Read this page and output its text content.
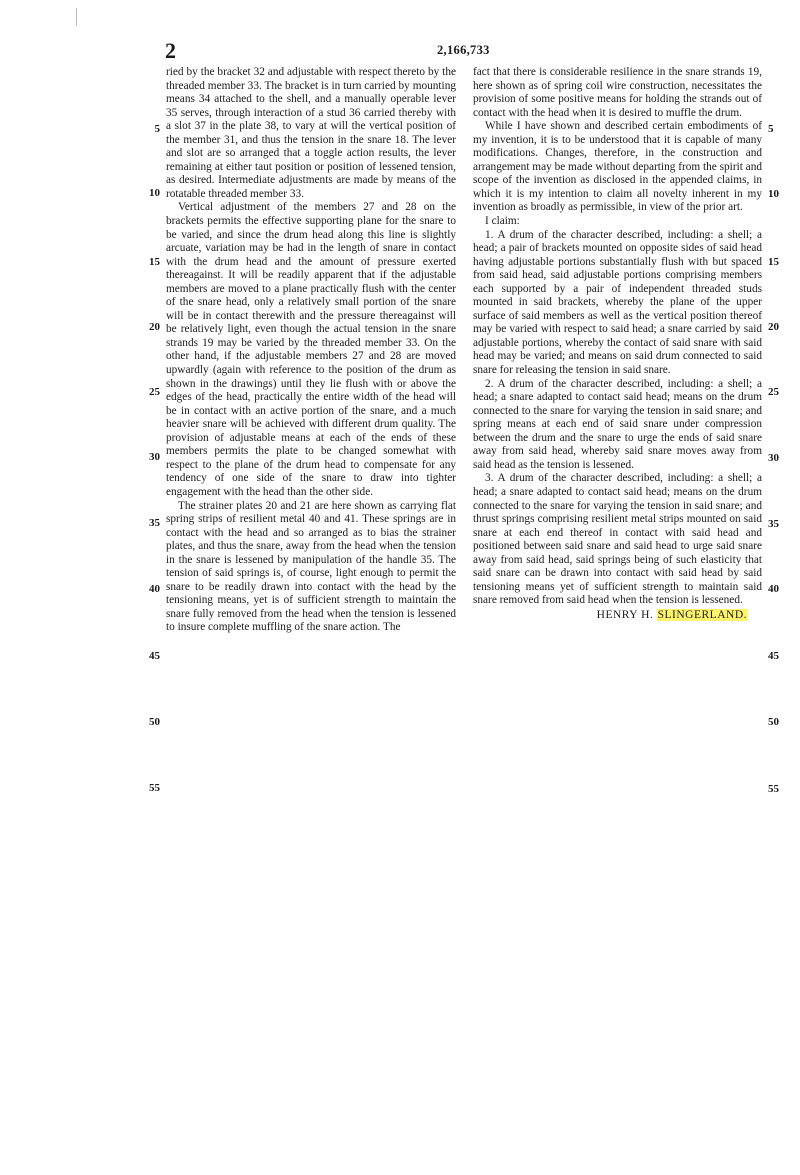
2	2,166,733

ried by the bracket 32 and adjustable with respect thereto by the threaded member 33. The bracket is in turn carried by mounting means 34 attached to the shell, and a manually operable lever 35 serves, through interaction of a stud 36 carried thereby with a slot 37 in the plate 38, to vary at will the vertical position of the member 31, and thus the tension in the snare 18. The lever and slot are so arranged that a toggle action results, the lever remaining at either taut position or position of lessened tension, as desired. Intermediate adjustments are made by means of the rotatable threaded member 33.

Vertical adjustment of the members 27 and 28 on the brackets permits the effective supporting plane for the snare to be varied, and since the drum head along this line is slightly arcuate, variation may be had in the length of snare in contact with the drum head and the amount of pressure exerted thereagainst. It will be readily apparent that if the adjustable members are moved to a plane practically flush with the center of the snare head, only a relatively small portion of the snare will be in contact therewith and the pressure thereagainst will be relatively light, even though the actual tension in the snare strands 19 may be varied by the threaded member 33. On the other hand, if the adjustable members 27 and 28 are moved upwardly (again with reference to the position of the drum as shown in the drawings) until they lie flush with or above the edges of the head, practically the entire width of the head will be in contact with an active portion of the snare, and a much heavier snare will be achieved with different drum quality. The provision of adjustable means at each of the ends of these members permits the plate to be changed somewhat with respect to the plane of the drum head to compensate for any tendency of one side of the snare to draw into tighter engagement with the head than the other side.

The strainer plates 20 and 21 are here shown as carrying flat spring strips of resilient metal 40 and 41. These springs are in contact with the head and so arranged as to bias the strainer plates, and thus the snare, away from the head when the tension in the snare is lessened by manipulation of the handle 35. The tension of said springs is, of course, light enough to permit the snare to be readily drawn into contact with the head by the tensioning means, yet is of sufficient strength to maintain the snare fully removed from the head when the tension is lessened to insure complete muffling of the snare action. The

fact that there is considerable resilience in the snare strands 19, here shown as of spring coil wire construction, necessitates the provision of some positive means for holding the strands out of contact with the head when it is desired to muffle the drum.

While I have shown and described certain embodiments of my invention, it is to be understood that it is capable of many modifications. Changes, therefore, in the construction and arrangement may be made without departing from the spirit and scope of the invention as disclosed in the appended claims, in which it is my intention to claim all novelty inherent in my invention as broadly as permissible, in view of the prior art.

I claim:

1. A drum of the character described, including: a shell; a head; a pair of brackets mounted on opposite sides of said head having adjustable portions substantially flush with but spaced from said head, said adjustable portions comprising members each supported by a pair of independent threaded studs mounted in said brackets, whereby the plane of the upper surface of said members as well as the vertical position thereof may be varied with respect to said head; a snare carried by said adjustable portions, whereby the contact of said snare with said head may be varied; and means on said drum connected to said snare for releasing the tension in said snare.

2. A drum of the character described, including: a shell; a head; a snare adapted to contact said head; means on the drum connected to the snare for varying the tension in said snare; and spring means at each end of said snare under compression between the drum and the snare to urge the ends of said snare away from said head, whereby said snare moves away from said head as the tension is lessened.

3. A drum of the character described, including: a shell; a head; a snare adapted to contact said head; means on the drum connected to the snare for varying the tension in said snare; and thrust springs comprising resilient metal strips mounted on said snare at each end thereof in contact with said head and positioned between said snare and said head to urge said snare away from said head, said springs being of such elasticity that said snare can be drawn into contact with said head by said tensioning means yet of sufficient strength to maintain said snare removed from said head when the tension is lessened.

HENRY H. SLINGERLAND.
5
10
15
20
25
30
35
40
45
50
55
5
10
15
20
25
30
35
40
45
50
55
